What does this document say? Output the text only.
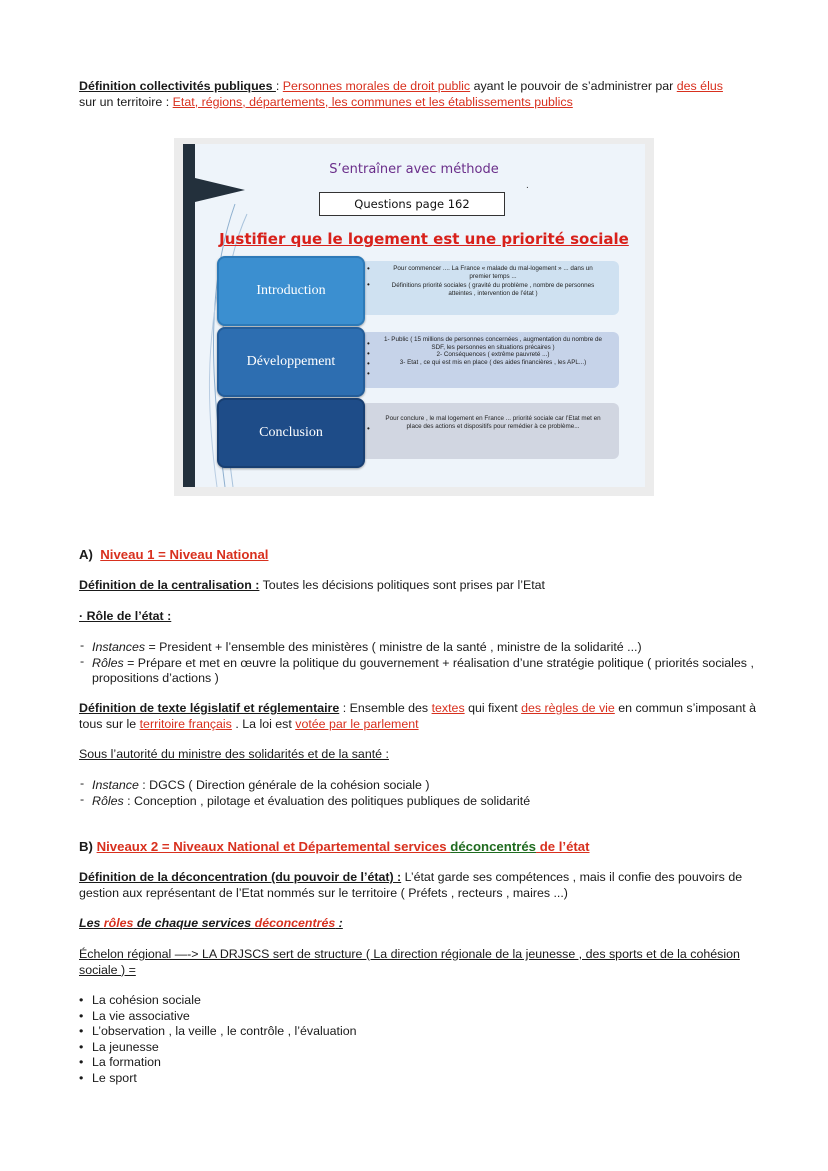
Définition collectivités publiques : Personnes morales de droit public ayant le pouvoir de s’administrer par des élus
sur un territoire : Etat, régions, départements, les communes et les établissements publics

S’entraîner avec méthode
.
Questions page 162
Justifier que le logement est une priorité sociale
•	Pour commencer .... La France « malade du mal-logement » ... dans un premier temps ...
•	Définitions priorité sociales ( gravité du problème , nombre de personnes atteintes , intervention de l’état )
•
•
•
•
1- Public ( 15 millions de personnes concernées , augmentation du nombre de SDF, les personnes en situations précaires )
2- Conséquences ( extrême pauvreté ...)
3- Etat , ce qui est mis en place ( des aides financières , les APL...)
•
Pour conclure , le mal logement en France ... priorité sociale car l’Etat met en place des actions et dispositifs pour remédier à ce problème...
Introduction
Développement
Conclusion

A) Niveau 1 = Niveau National

Définition de la centralisation : Toutes les décisions politiques sont prises par l’Etat

· Rôle de l’état :

‐ Instances = President + l’ensemble des ministères ( ministre de la santé , ministre de la solidarité ...)
‐ Rôles = Prépare et met en œuvre la politique du gouvernement + réalisation d’une stratégie politique ( priorités sociales , propositions d’actions )

Définition de texte législatif et réglementaire : Ensemble des textes qui fixent des règles de vie en commun s’imposant à tous sur le territoire français . La loi est votée par le parlement

Sous l’autorité du ministre des solidarités et de la santé :

‐ Instance : DGCS ( Direction générale de la cohésion sociale )
‐ Rôles : Conception , pilotage et évaluation des politiques publiques de solidarité

B) Niveaux 2 = Niveaux National et Départemental services déconcentrés de l’état

Définition de la déconcentration (du pouvoir de l’état) : L’état garde ses compétences , mais il confie des pouvoirs de gestion aux représentant de l’Etat nommés sur le territoire ( Préfets , recteurs , maires ...)

Les rôles de chaque services déconcentrés :

Échelon régional —-> LA DRJSCS sert de structure ( La direction régionale de la jeunesse , des sports et de la cohésion sociale ) =

• La cohésion sociale
• La vie associative
• L’observation , la veille , le contrôle , l’évaluation
• La jeunesse
• La formation
• Le sport
